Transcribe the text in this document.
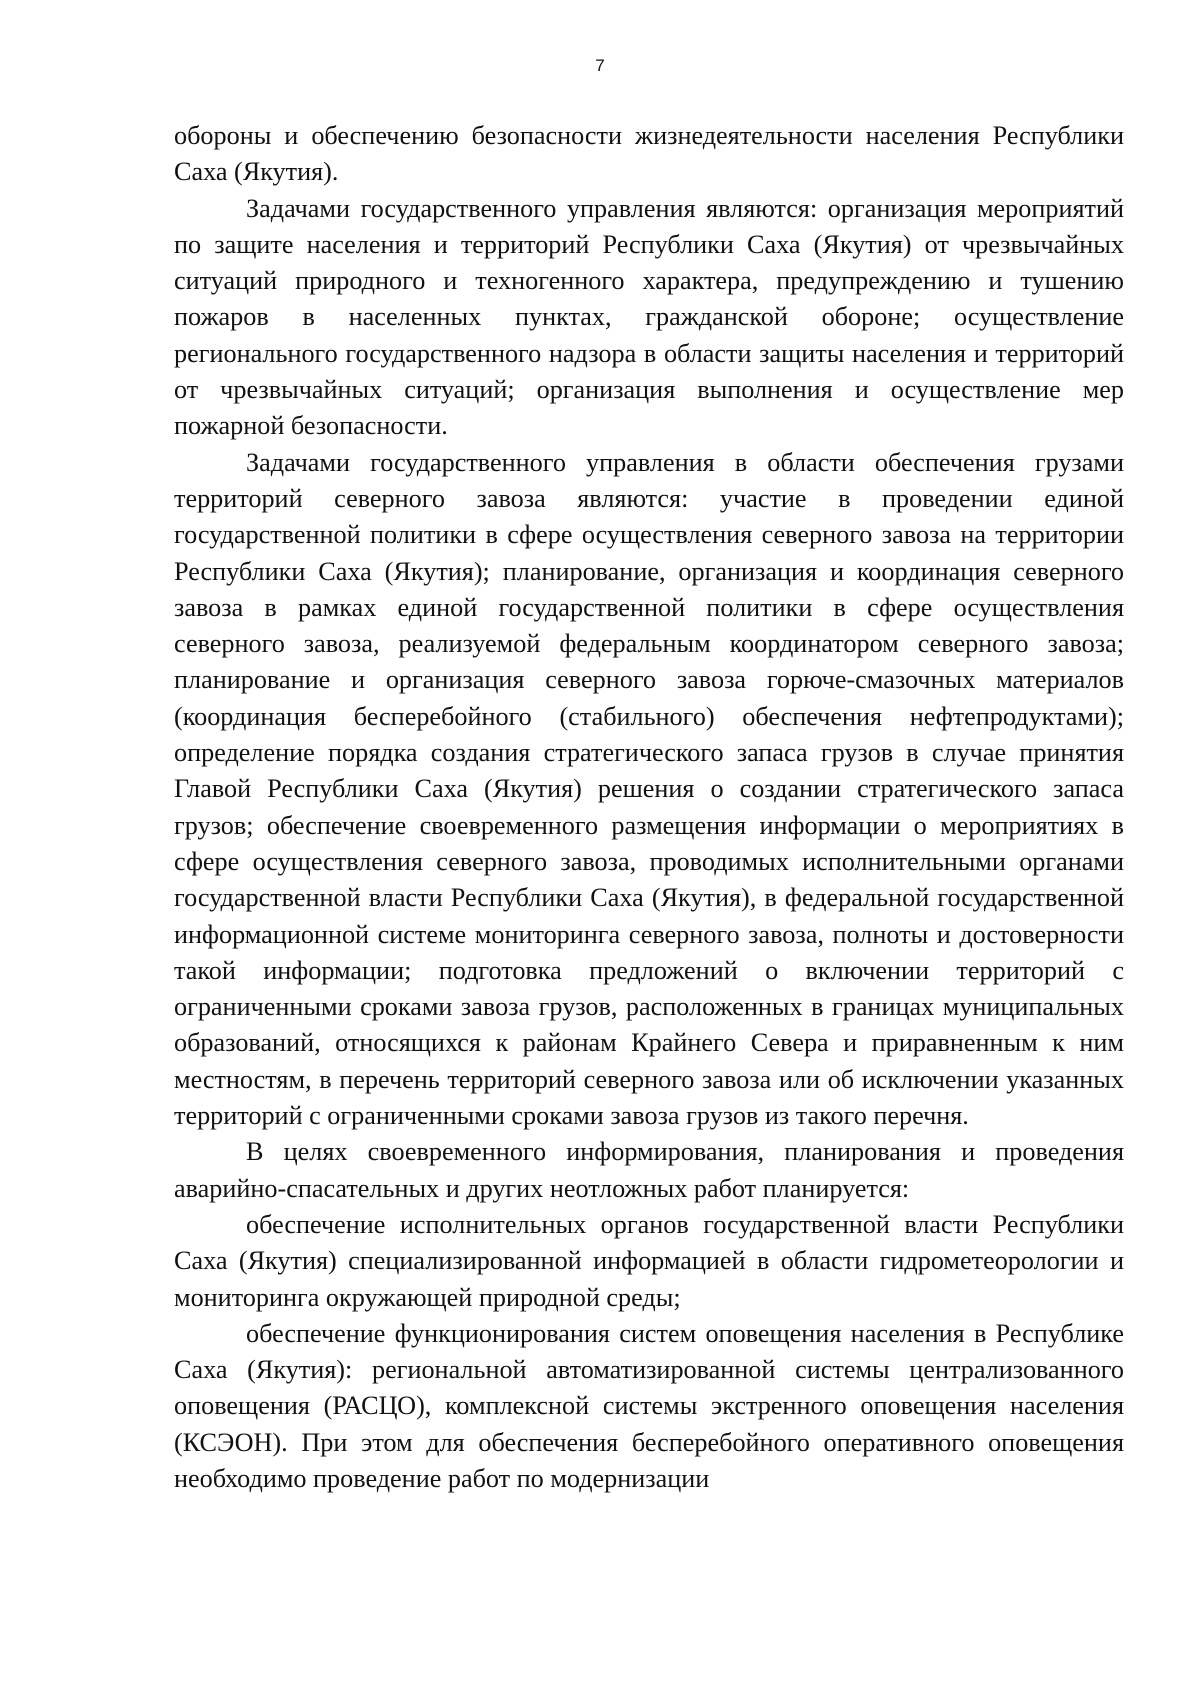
7

обороны и обеспечению безопасности жизнедеятельности населения Республики Саха (Якутия).

Задачами государственного управления являются: организация мероприятий по защите населения и территорий Республики Саха (Якутия) от чрезвычайных ситуаций природного и техногенного характера, предупреждению и тушению пожаров в населенных пунктах, гражданской обороне; осуществление регионального государственного надзора в области защиты населения и территорий от чрезвычайных ситуаций; организация выполнения и осуществление мер пожарной безопасности.

Задачами государственного управления в области обеспечения грузами территорий северного завоза являются: участие в проведении единой государственной политики в сфере осуществления северного завоза на территории Республики Саха (Якутия); планирование, организация и координация северного завоза в рамках единой государственной политики в сфере осуществления северного завоза, реализуемой федеральным координатором северного завоза; планирование и организация северного завоза горюче-смазочных материалов (координация бесперебойного (стабильного) обеспечения нефтепродуктами); определение порядка создания стратегического запаса грузов в случае принятия Главой Республики Саха (Якутия) решения о создании стратегического запаса грузов; обеспечение своевременного размещения информации о мероприятиях в сфере осуществления северного завоза, проводимых исполнительными органами государственной власти Республики Саха (Якутия), в федеральной государственной информационной системе мониторинга северного завоза, полноты и достоверности такой информации; подготовка предложений о включении территорий с ограниченными сроками завоза грузов, расположенных в границах муниципальных образований, относящихся к районам Крайнего Севера и приравненным к ним местностям, в перечень территорий северного завоза или об исключении указанных территорий с ограниченными сроками завоза грузов из такого перечня.

В целях своевременного информирования, планирования и проведения аварийно-спасательных и других неотложных работ планируется:

обеспечение исполнительных органов государственной власти Республики Саха (Якутия) специализированной информацией в области гидрометеорологии и мониторинга окружающей природной среды;

обеспечение функционирования систем оповещения населения в Республике Саха (Якутия): региональной автоматизированной системы централизованного оповещения (РАСЦО), комплексной системы экстренного оповещения населения (КСЭОН). При этом для обеспечения бесперебойного оперативного оповещения необходимо проведение работ по модернизации
